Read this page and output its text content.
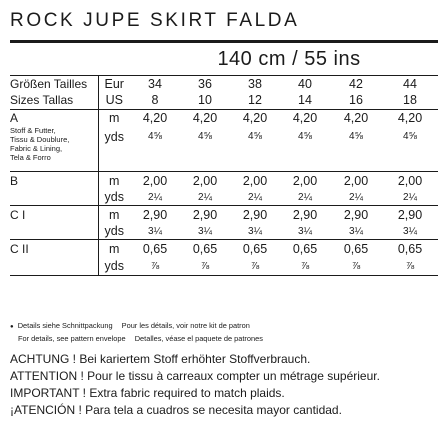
ROCK JUPE SKIRT FALDA
140 cm / 55 ins
Größen Tailles	Eur	34	36	38	40	42	44
Sizes Tallas	US	8	10	12	14	16	18
A	m	4,20	4,20	4,20	4,20	4,20	4,20
Stoff & Futter,
Tissu & Doublure,
Fabric & Lining,
Tela & Forro	yds	4⅝	4⅝	4⅝	4⅝	4⅝	4⅝
B	m	2,00	2,00	2,00	2,00	2,00	2,00
	yds	2¼	2¼	2¼	2¼	2¼	2¼
C I	m	2,90	2,90	2,90	2,90	2,90	2,90
	yds	3¼	3¼	3¼	3¼	3¼	3¼
C II	m	0,65	0,65	0,65	0,65	0,65	0,65
	yds	⅞	⅞	⅞	⅞	⅞	⅞
● Details siehe Schnittpackung Pour les détails, voir notre kit de patron
For details, see pattern envelope Detalles, véase el paquete de patrones
ACHTUNG ! Bei kariertem Stoff erhöhter Stoffverbrauch.
ATTENTION ! Pour le tissu à carreaux compter un métrage supérieur.
IMPORTANT ! Extra fabric required to match plaids.
¡ATENCIÓN ! Para tela a cuadros se necesita mayor cantidad.
